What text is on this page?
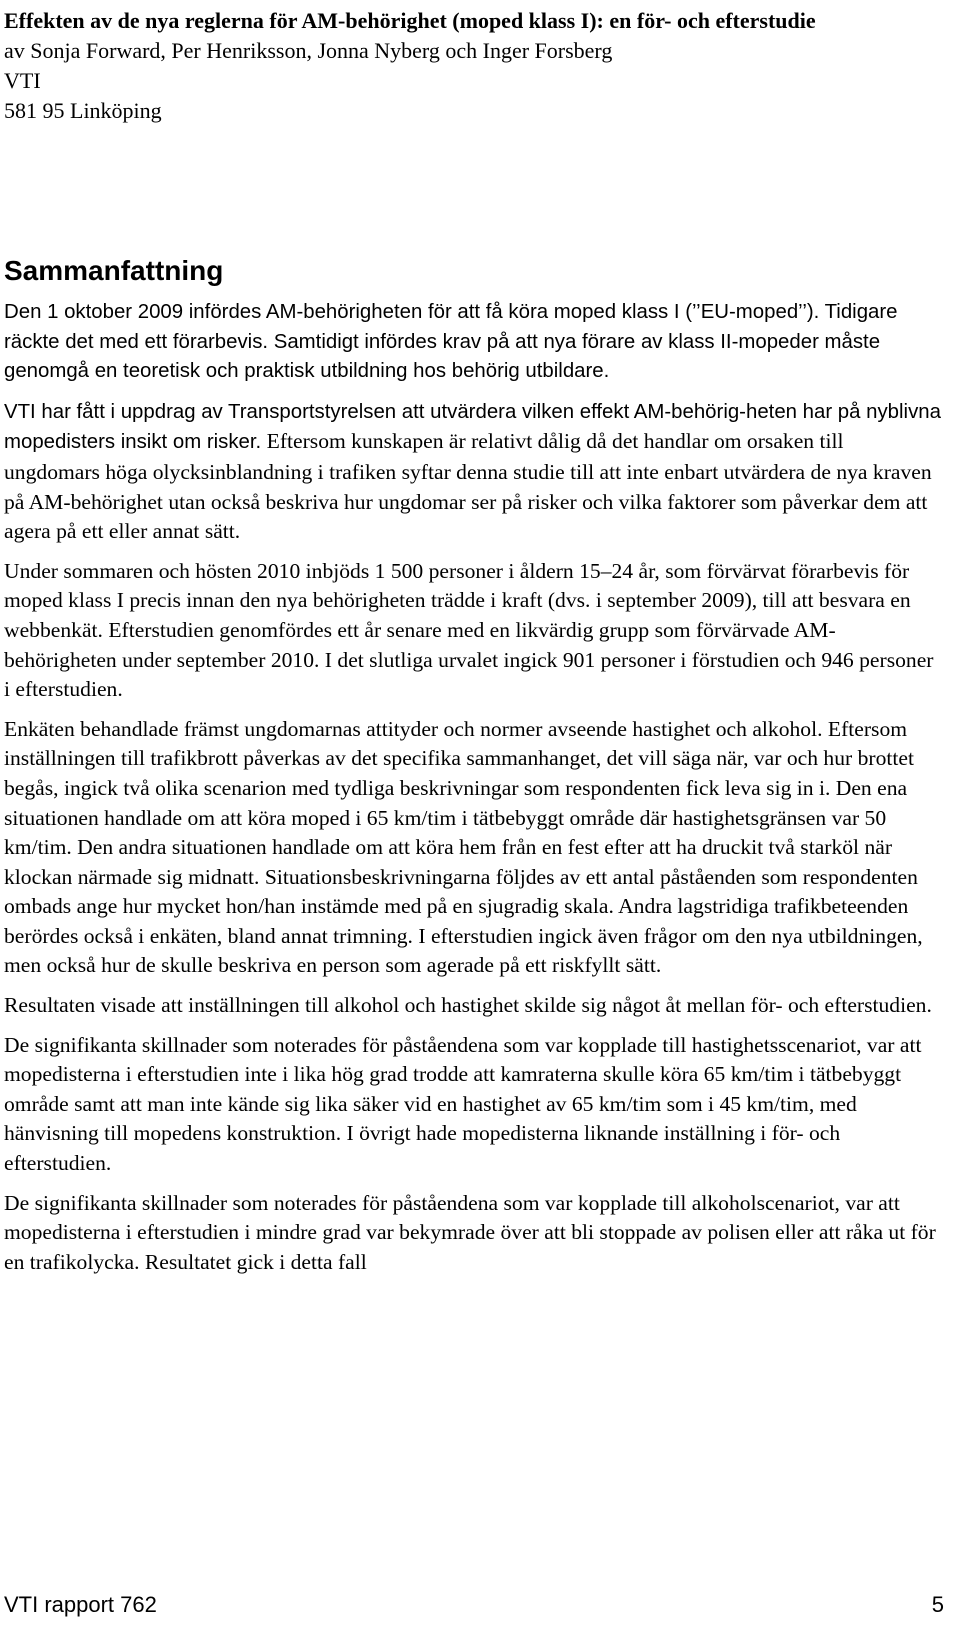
Effekten av de nya reglerna för AM-behörighet (moped klass I): en för- och efterstudie

av Sonja Forward, Per Henriksson, Jonna Nyberg och Inger Forsberg

VTI

581 95 Linköping

Sammanfattning

Den 1 oktober 2009 infördes AM-behörigheten för att få köra moped klass I (’’EU-moped’’). Tidigare räckte det med ett förarbevis. Samtidigt infördes krav på att nya förare av klass II-mopeder måste genomgå en teoretisk och praktisk utbildning hos behörig utbildare.

VTI har fått i uppdrag av Transportstyrelsen att utvärdera vilken effekt AM-behörig-heten har på nyblivna mopedisters insikt om risker. Eftersom kunskapen är relativt dålig då det handlar om orsaken till ungdomars höga olycksinblandning i trafiken syftar denna studie till att inte enbart utvärdera de nya kraven på AM-behörighet utan också beskriva hur ungdomar ser på risker och vilka faktorer som påverkar dem att agera på ett eller annat sätt.

Under sommaren och hösten 2010 inbjöds 1 500 personer i åldern 15–24 år, som förvärvat förarbevis för moped klass I precis innan den nya behörigheten trädde i kraft (dvs. i september 2009), till att besvara en webbenkät. Efterstudien genomfördes ett år senare med en likvärdig grupp som förvärvade AM-behörigheten under september 2010. I det slutliga urvalet ingick 901 personer i förstudien och 946 personer i efterstudien.

Enkäten behandlade främst ungdomarnas attityder och normer avseende hastighet och alkohol. Eftersom inställningen till trafikbrott påverkas av det specifika sammanhanget, det vill säga när, var och hur brottet begås, ingick två olika scenarion med tydliga beskrivningar som respondenten fick leva sig in i. Den ena situationen handlade om att köra moped i 65 km/tim i tätbebyggt område där hastighetsgränsen var 50 km/tim. Den andra situationen handlade om att köra hem från en fest efter att ha druckit två starköl när klockan närmade sig midnatt. Situationsbeskrivningarna följdes av ett antal påståenden som respondenten ombads ange hur mycket hon/han instämde med på en sjugradig skala. Andra lagstridiga trafikbeteenden berördes också i enkäten, bland annat trimning. I efterstudien ingick även frågor om den nya utbildningen, men också hur de skulle beskriva en person som agerade på ett riskfyllt sätt.

Resultaten visade att inställningen till alkohol och hastighet skilde sig något åt mellan för- och efterstudien.

De signifikanta skillnader som noterades för påståendena som var kopplade till hastighetsscenariot, var att mopedisterna i efterstudien inte i lika hög grad trodde att kamraterna skulle köra 65 km/tim i tätbebyggt område samt att man inte kände sig lika säker vid en hastighet av 65 km/tim som i 45 km/tim, med hänvisning till mopedens konstruktion. I övrigt hade mopedisterna liknande inställning i för- och efterstudien.

De signifikanta skillnader som noterades för påståendena som var kopplade till alkoholscenariot, var att mopedisterna i efterstudien i mindre grad var bekymrade över att bli stoppade av polisen eller att råka ut för en trafikolycka. Resultatet gick i detta fall

VTI rapport 762	5
